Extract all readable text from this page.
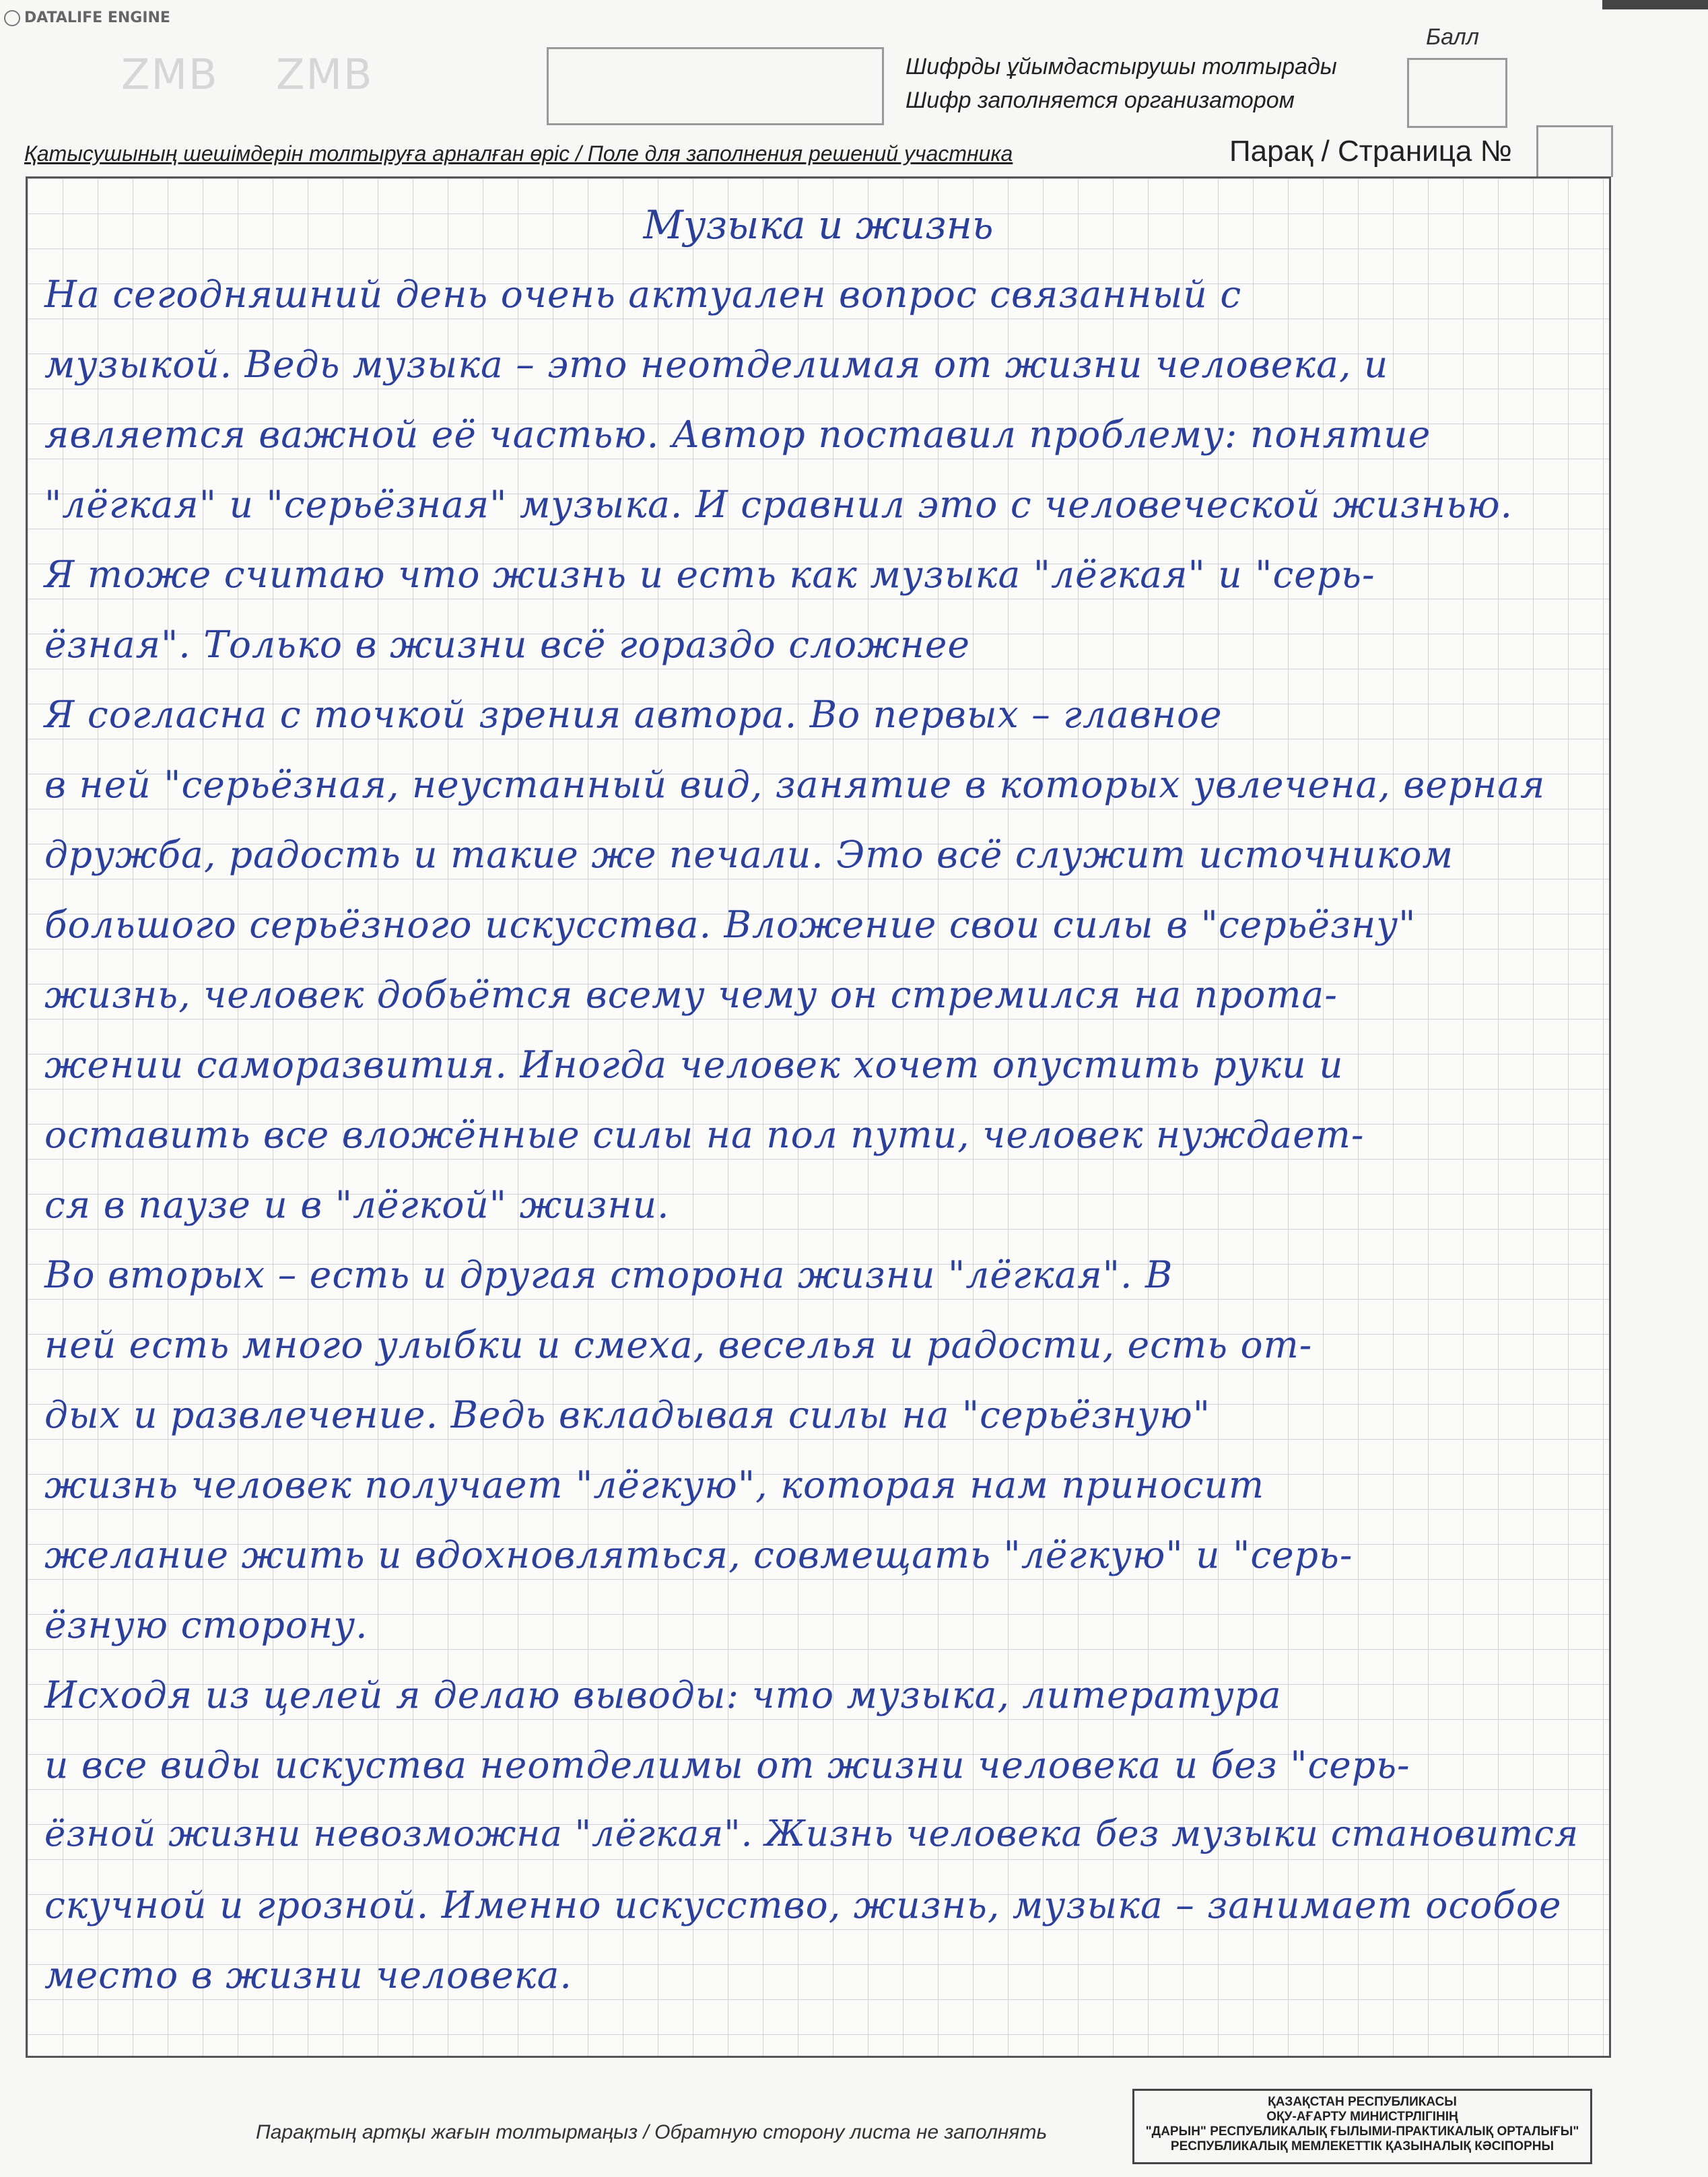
DATALIFE ENGINE
ZMB ZMB	Шифрды ұйымдастырушы толтырады
Шифр заполняется организатором
Балл
Қатысушының шешімдерін толтыруға арналған өріс / Поле для заполнения решений участника	Парақ / Страница №
Музыка и жизнь
На сегодняшний день очень актуален вопрос связанный с
музыкой. Ведь музыка – это неотделимая от жизни человека, и
является важной её частью. Автор поставил проблему: понятие
"лёгкая" и "серьёзная" музыка. И сравнил это с человеческой жизнью.
Я тоже считаю что жизнь и есть как музыка "лёгкая" и "серь-
ёзная". Только в жизни всё гораздо сложнее
Я согласна с точкой зрения автора. Во первых – главное
в ней "серьёзная, неустанный вид, занятие в которых увлечена, верная
дружба, радость и такие же печали. Это всё служит источником
большого серьёзного искусства. Вложение свои силы в "серьёзну"
жизнь, человек добьётся всему чему он стремился на прота-
жении самоpазвития. Иногда человек хочет опустить руки и
оставить все вложённые силы на пол пути, человек нуждает-
ся в паузе и в "лёгкой" жизни.
Во вторых – есть и другая сторона жизни "лёгкая". В
ней есть много улыбки и смеха, веселья и радости, есть от-
дых и развлечение. Ведь вкладывая силы на "серьёзную"
жизнь человек получает "лёгкую", которая нам приносит
желание жить и вдохновляться, совмещать "лёгкую" и "серь-
ёзную сторону.
Исходя из целей я делаю выводы: что музыка, литература
и все виды искуства неотделимы от жизни человека и без "серь-
ёзной жизни невозможна "лёгкая". Жизнь человека без музыки становится
скучной и грозной. Именно искусство, жизнь, музыка – занимает особое
место в жизни человека.
Парақтың артқы жағын толтырмаңыз / Обратную сторону листа не заполнять
ҚАЗАҚСТАН РЕСПУБЛИКАСЫ
ОҚУ-АҒАРТУ МИНИСТРЛІГІНІҢ
"ДАРЫН" РЕСПУБЛИКАЛЫҚ ҒЫЛЫМИ-ПРАКТИКАЛЫҚ ОРТАЛЫҒЫ"
РЕСПУБЛИКАЛЫҚ МЕМЛЕКЕТТІК ҚАЗЫНАЛЫҚ КӘСІПОРНЫ
